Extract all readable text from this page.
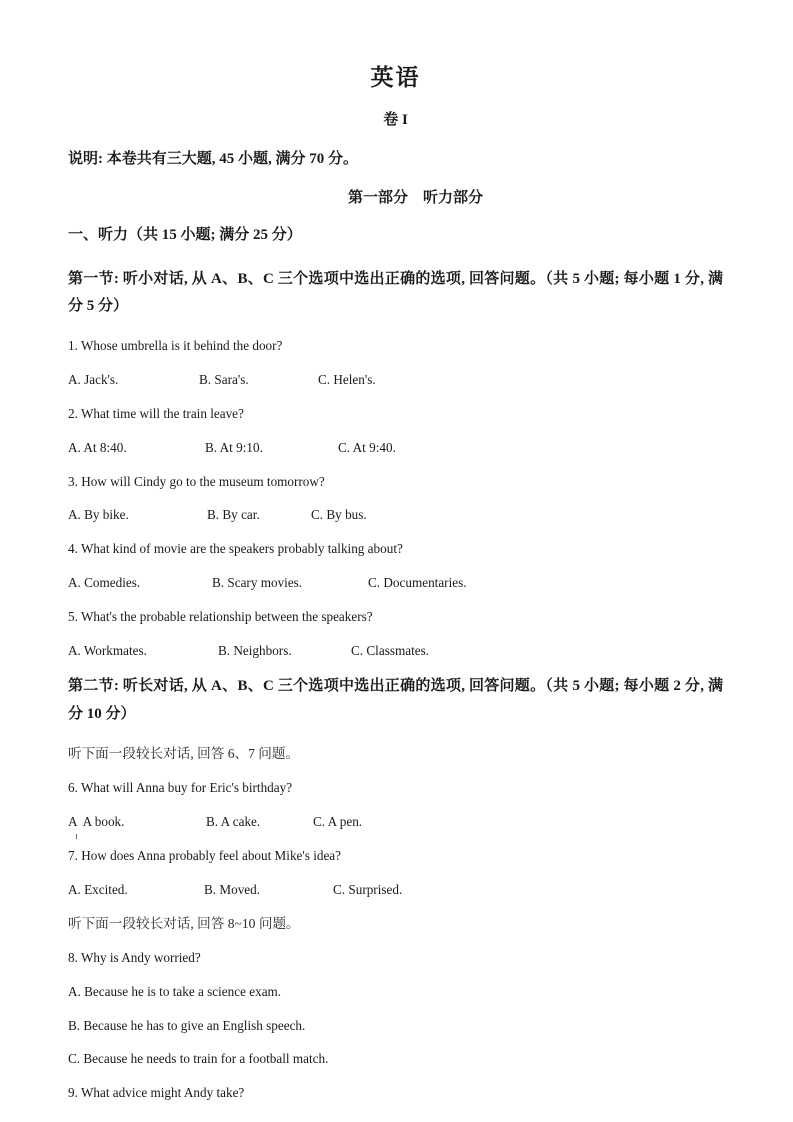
英语
卷 I

说明: 本卷共有三大题, 45 小题, 满分 70 分。

第一部分　听力部分

一、听力（共 15 小题; 满分 25 分）

第一节: 听小对话, 从 A、B、C 三个选项中选出正确的选项, 回答问题。（共 5 小题; 每小题 1 分, 满分 5 分）

1. Whose umbrella is it behind the door?

A. Jack's.	B. Sara's.	C. Helen's.

2. What time will the train leave?

A. At 8:40.	B. At 9:10.	C. At 9:40.

3. How will Cindy go to the museum tomorrow?

A. By bike.	B. By car.	C. By bus.

4. What kind of movie are the speakers probably talking about?

A. Comedies.	B. Scary movies.	C. Documentaries.

5. What's the probable relationship between the speakers?

A. Workmates.	B. Neighbors.	C. Classmates.

第二节: 听长对话, 从 A、B、C 三个选项中选出正确的选项, 回答问题。（共 5 小题; 每小题 2 分, 满分 10 分）

听下面一段较长对话, 回答 6、7 问题。

6. What will Anna buy for Eric's birthday?

A  A book.	B. A cake.	C. A pen.

7. How does Anna probably feel about Mike's idea?

A. Excited.	B. Moved.	C. Surprised.

听下面一段较长对话, 回答 8~10 问题。

8. Why is Andy worried?

A. Because he is to take a science exam.

B. Because he has to give an English speech.

C. Because he needs to train for a football match.

9. What advice might Andy take?
